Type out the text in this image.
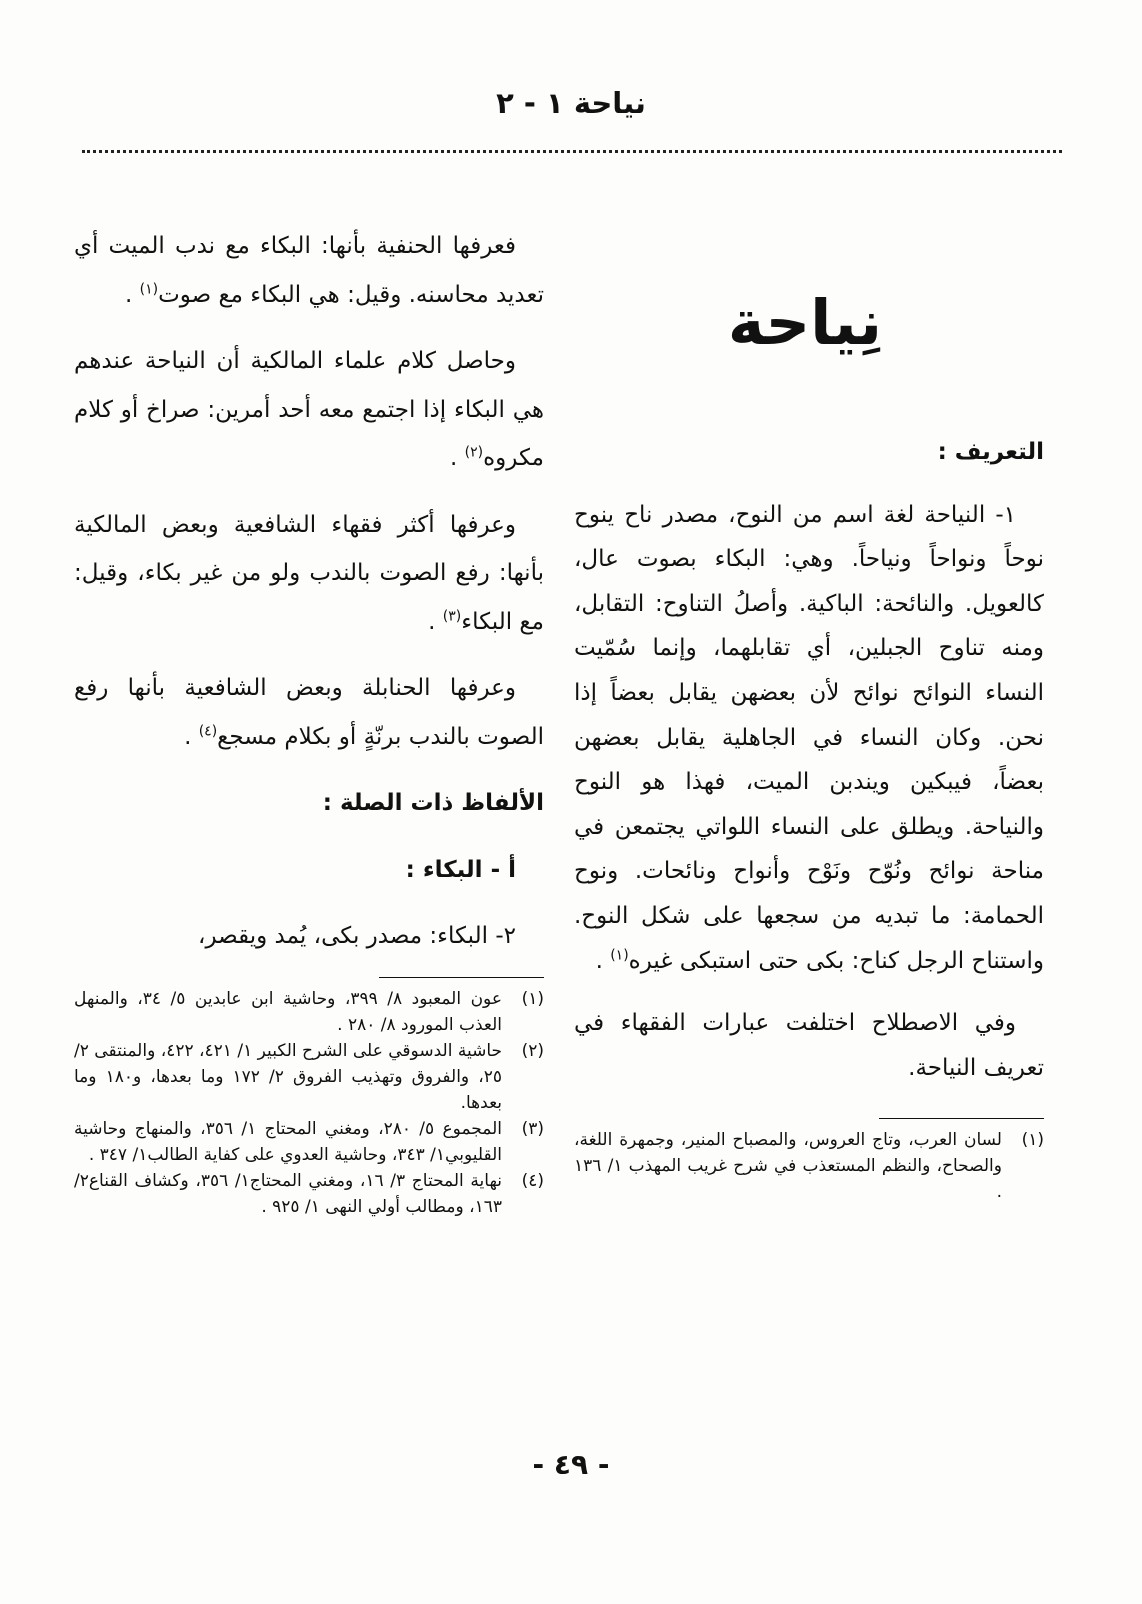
نياحة ١ - ٢
نِياحة

التعريف :

١- النياحة لغة اسم من النوح، مصدر ناح ينوح نوحاً ونواحاً ونياحاً. وهي: البكاء بصوت عال، كالعويل. والنائحة: الباكية. وأصلُ التناوح: التقابل، ومنه تناوح الجبلين، أي تقابلهما، وإنما سُمّيت النساء النوائح نوائح لأن بعضهن يقابل بعضاً إذا نحن. وكان النساء في الجاهلية يقابل بعضهن بعضاً، فيبكين ويندبن الميت، فهذا هو النوح والنياحة. ويطلق على النساء اللواتي يجتمعن في مناحة نوائح ونُوّح ونَوْح وأنواح ونائحات. ونوح الحمامة: ما تبديه من سجعها على شكل النوح. واستناح الرجل كناح: بكى حتى استبكى غيره$^{(١)}$ .

وفي الاصطلاح اختلفت عبارات الفقهاء في تعريف النياحة.

(١)
لسان العرب، وتاج العروس، والمصباح المنير، وجمهرة اللغة، والصحاح، والنظم المستعذب في شرح غريب المهذب ١/ ١٣٦ .

فعرفها الحنفية بأنها: البكاء مع ندب الميت أي تعديد محاسنه. وقيل: هي البكاء مع صوت$^{(١)}$ .

وحاصل كلام علماء المالكية أن النياحة عندهم هي البكاء إذا اجتمع معه أحد أمرين: صراخ أو كلام مكروه$^{(٢)}$ .

وعرفها أكثر فقهاء الشافعية وبعض المالكية بأنها: رفع الصوت بالندب ولو من غير بكاء، وقيل: مع البكاء$^{(٣)}$ .

وعرفها الحنابلة وبعض الشافعية بأنها رفع الصوت بالندب برنّةٍ أو بكلام مسجع$^{(٤)}$ .

الألفاظ ذات الصلة :

أ - البكاء :

٢- البكاء: مصدر بكى، يُمد ويقصر،

(١)
عون المعبود ٨/ ٣٩٩، وحاشية ابن عابدين ٥/ ٣٤، والمنهل العذب المورود ٨/ ٢٨٠ .
(٢)
حاشية الدسوقي على الشرح الكبير ١/ ٤٢١، ٤٢٢، والمنتقى ٢/ ٢٥، والفروق وتهذيب الفروق ٢/ ١٧٢ وما بعدها، و١٨٠ وما بعدها.
(٣)
المجموع ٥/ ٢٨٠، ومغني المحتاج ١/ ٣٥٦، والمنهاج وحاشية القليوبي١/ ٣٤٣، وحاشية العدوي على كفاية الطالب١/ ٣٤٧ .
(٤)
نهاية المحتاج ٣/ ١٦، ومغني المحتاج١/ ٣٥٦، وكشاف القناع٢/ ١٦٣، ومطالب أولي النهى ١/ ٩٢٥ .
- ٤٩ -
